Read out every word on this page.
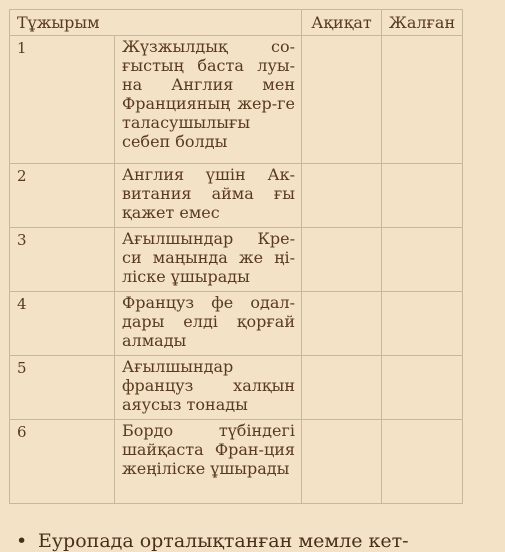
Тұжырым		Ақиқат	Жалған
1	Жүзжылдық со-ғыстың баста луы-на Англия мен Францияның жер-ге таласушылығы себеп болды		
2	Англия үшін Ак-витания айма ғы қажет емес		
3	Ағылшындар Кре-си маңында же ңі-ліске ұшырады		
4	Француз фе одал-дары елді қорғай алмады		
5	Ағылшындар француз халқын аяусыз тонады		
6	Бордо түбіндегі шайқаста Фран-ция жеңіліске ұшырады		
• Еуропада орталықтанған мемле кет-
